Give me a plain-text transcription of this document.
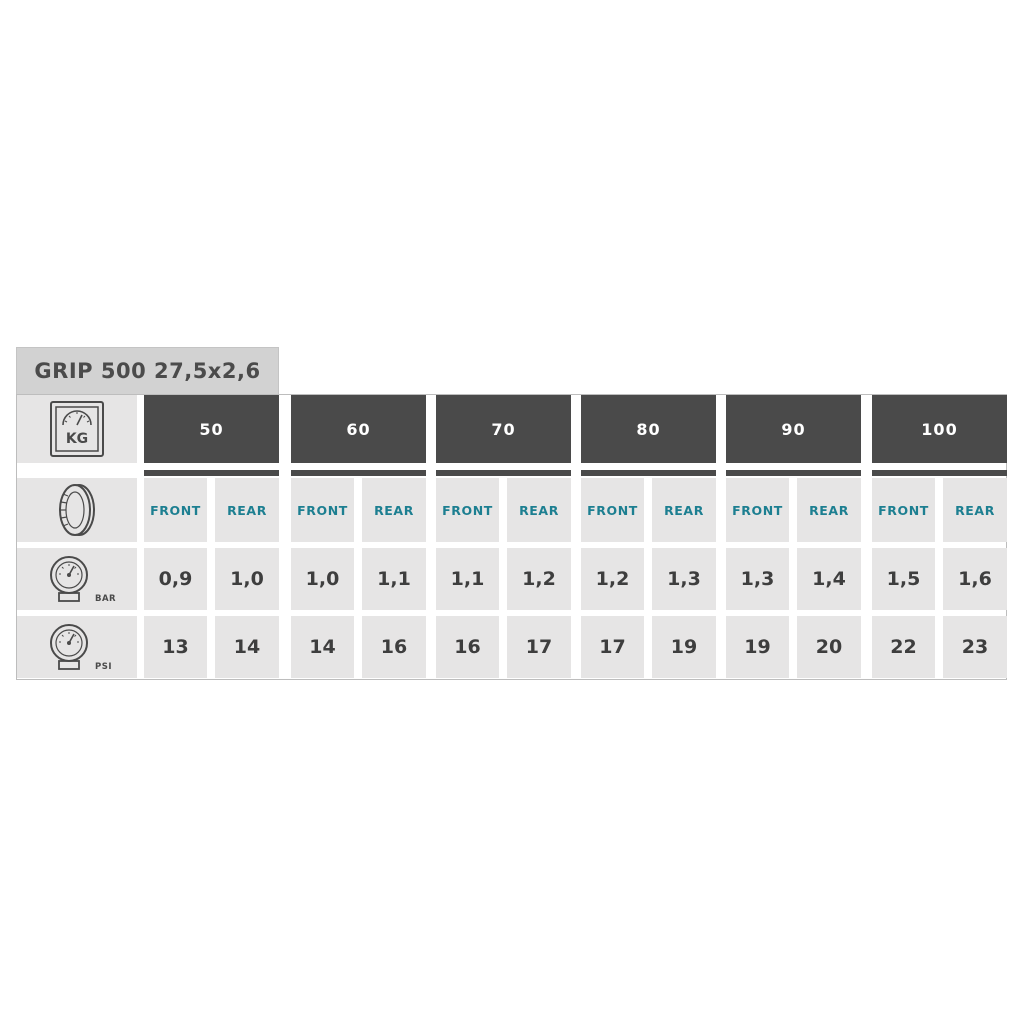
GRIP 500 27,5x2,6
KG
BAR
PSI
50
FRONT REAR
0,9 1,0
13 14
60
FRONT REAR
1,0 1,1
14 16
70
FRONT REAR
1,1 1,2
16 17
80
FRONT REAR
1,2 1,3
17 19
90
FRONT REAR
1,3 1,4
19 20
100
FRONT REAR
1,5 1,6
22 23
